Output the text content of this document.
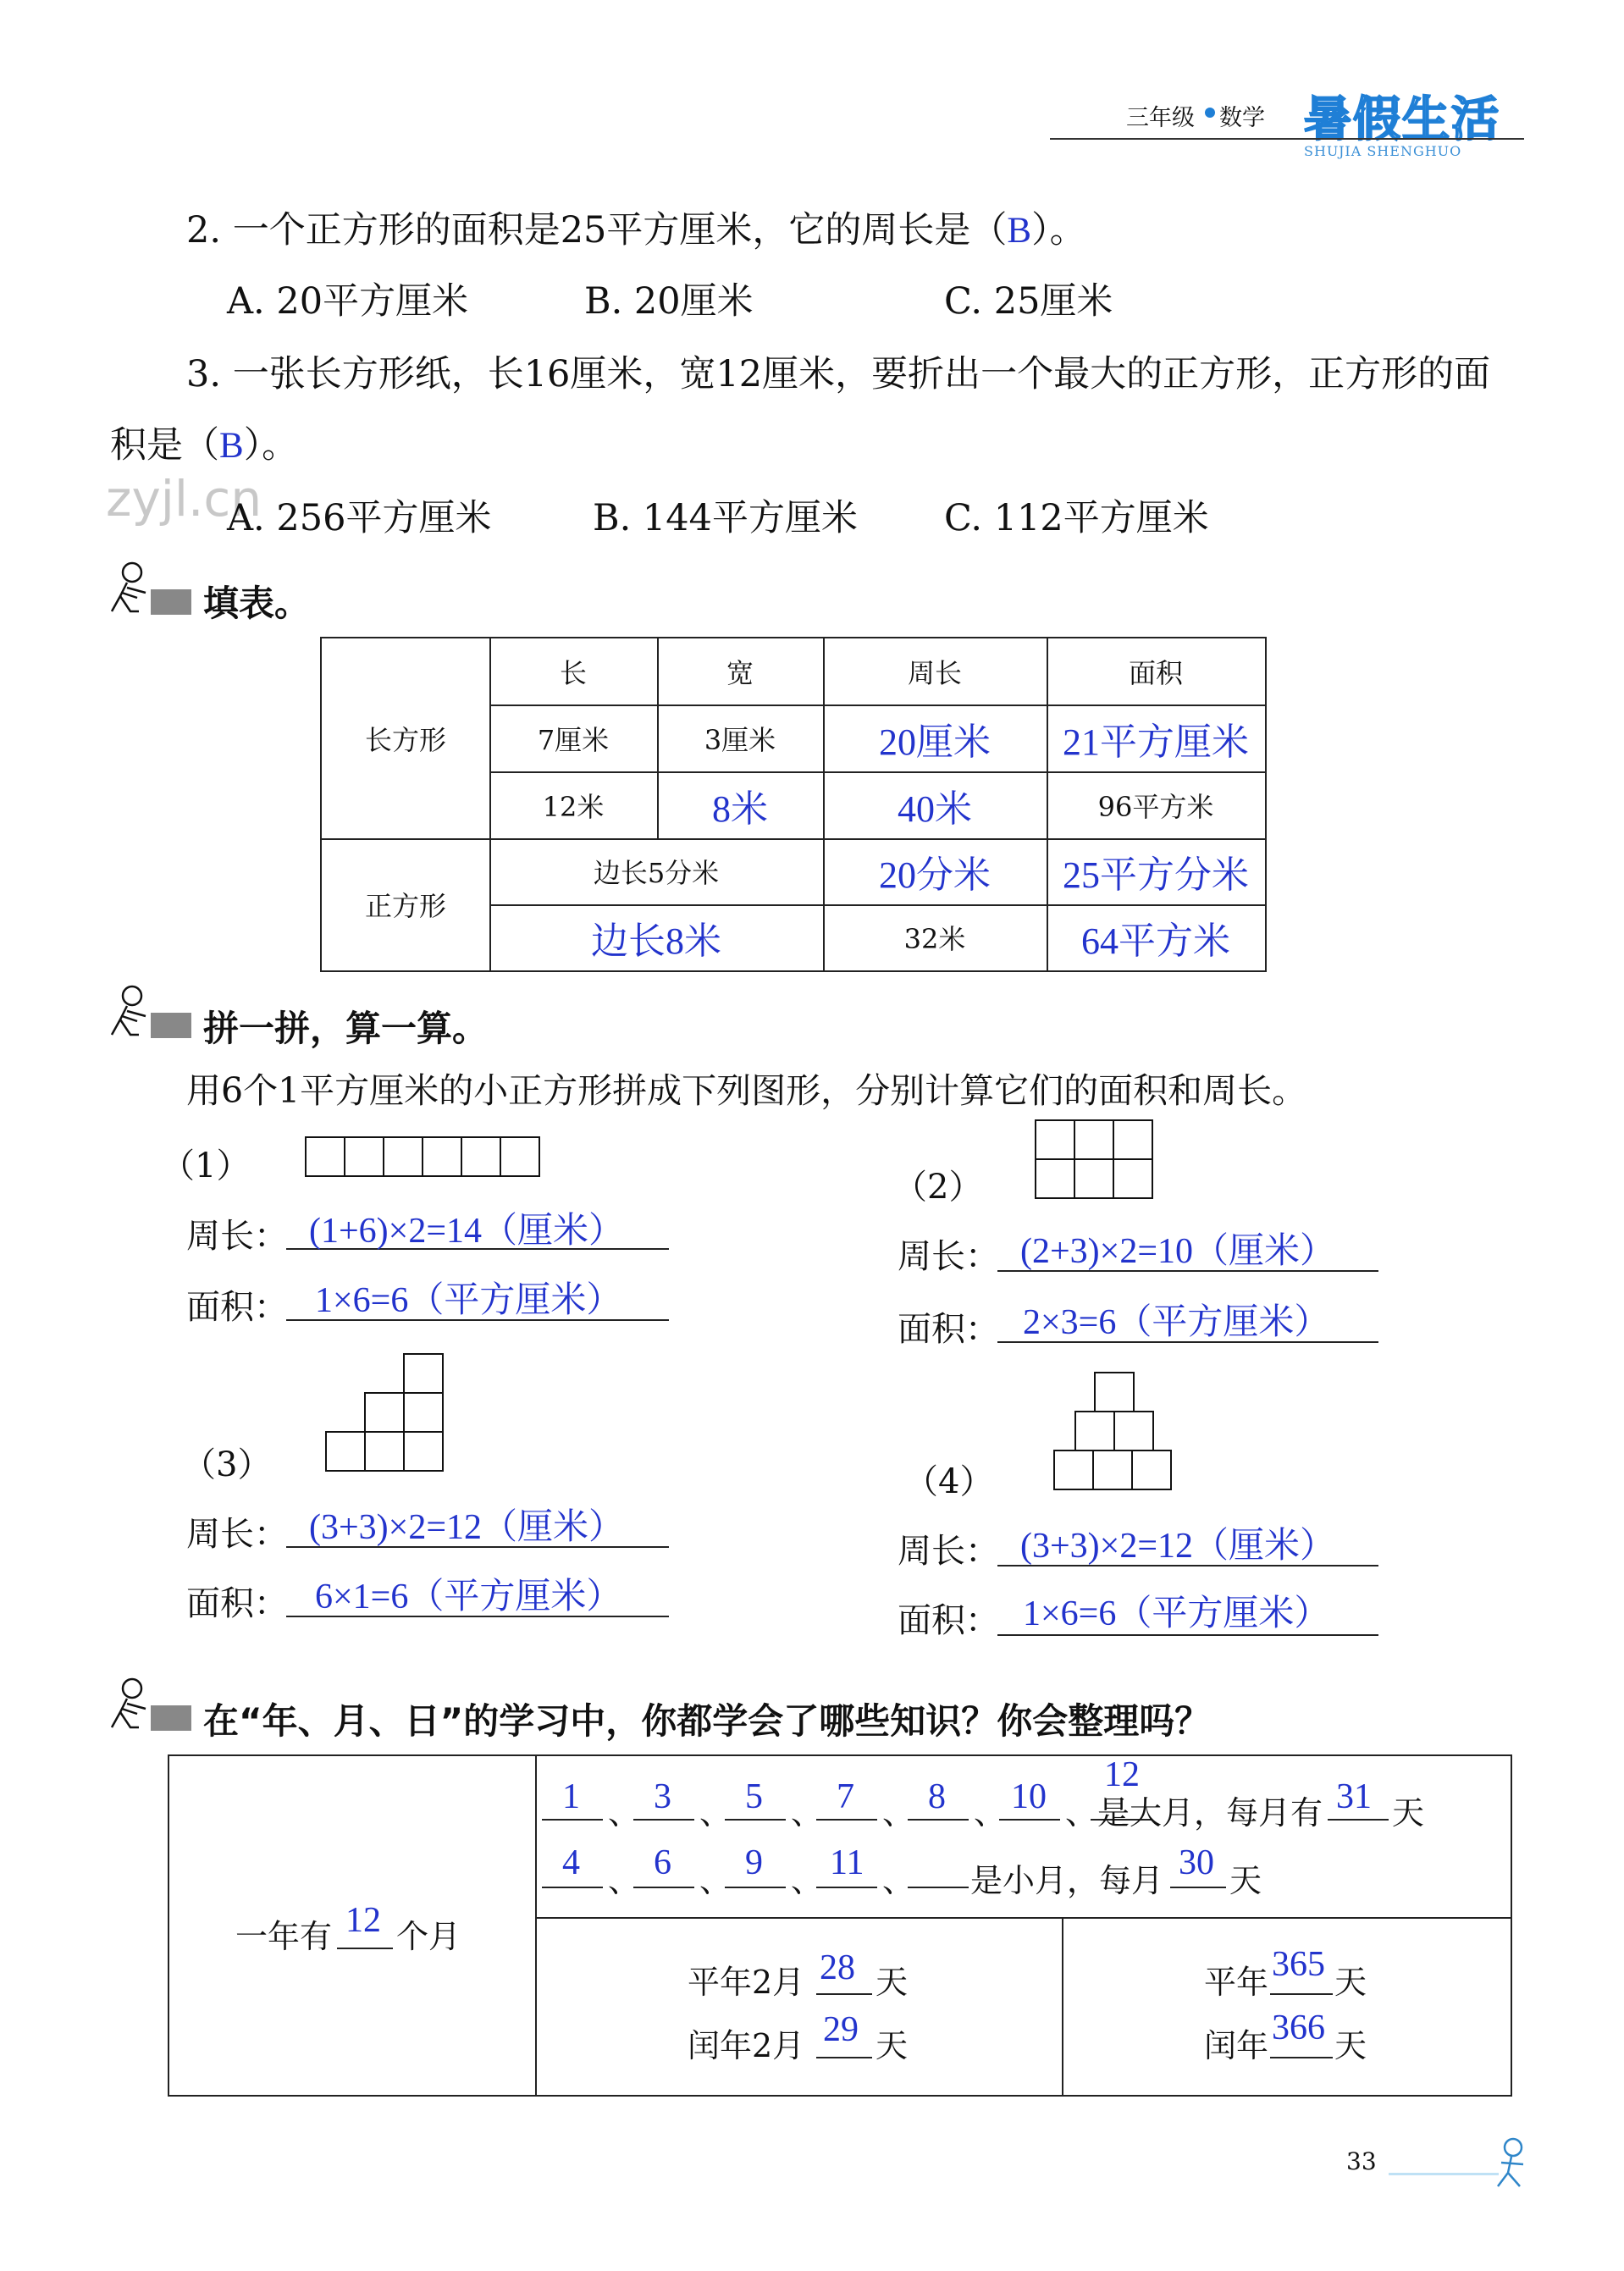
三年级 数学 暑假生活
SHUJIA SHENGHUO
2. 一个正方形的面积是25平方厘米，它的周长是（B）。
A. 20平方厘米	B. 20厘米	C. 25厘米
3. 一张长方形纸，长16厘米，宽12厘米，要折出一个最大的正方形，正方形的面
积是（B）。
zyjl.cn
A. 256平方厘米	B. 144平方厘米 C. 112平方厘米
填表。
长	宽	周长	面积
长方形
正方形
7厘米	3厘米	20厘米	21平方厘米
12米	8米	40米	96平方米
边长5分米	20分米	25平方分米
边长8米	32米	64平方米
拼一拼，算一算。
用6个1平方厘米的小正方形拼成下列图形，分别计算它们的面积和周长。
（1）
周长： (1+6)×2=14（厘米）
面积： 1×6=6（平方厘米）
（2）
周长： (2+3)×2=10（厘米）
面积： 2×3=6（平方厘米）
（3）
周长： (3+3)×2=12（厘米）
面积： 6×1=6（平方厘米）
（4）
周长： (3+3)×2=12（厘米）
面积： 1×6=6（平方厘米）
在“年、月、日”的学习中，你都学会了哪些知识？你会整理吗？
一年有 12 个月
1 、 3 、 5 、 7 、 8 、 10 、
12
是大月，每月有 31 天
4 、 6 、 9 、 11 、 是小月，每月 30 天
平年2月 28 天
闰年2月 29 天
平年 365 天
闰年 366 天
33
